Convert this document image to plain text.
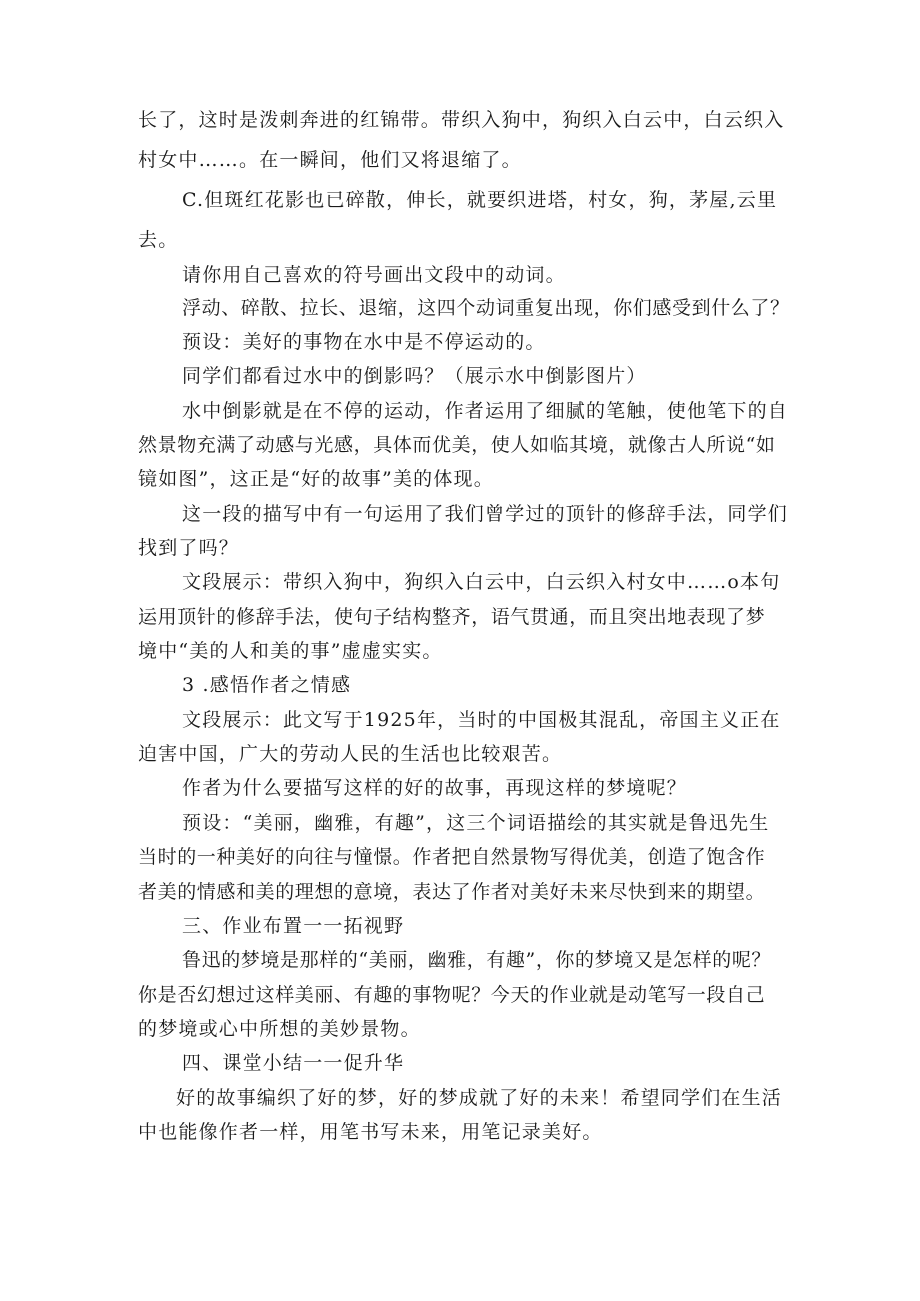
长了，这时是泼刺奔进的红锦带。带织入狗中，狗织入白云中，白云织入
村女中……。在一瞬间，他们又将退缩了。
C.但斑红花影也已碎散，伸长，就要织进塔，村女，狗，茅屋,云里
去。
请你用自己喜欢的符号画出文段中的动词。
浮动、碎散、拉长、退缩，这四个动词重复出现，你们感受到什么了？
预设：美好的事物在水中是不停运动的。
同学们都看过水中的倒影吗？（展示水中倒影图片）
水中倒影就是在不停的运动，作者运用了细腻的笔触，使他笔下的自
然景物充满了动感与光感，具体而优美，使人如临其境，就像古人所说“如
镜如图”，这正是“好的故事”美的体现。
这一段的描写中有一句运用了我们曾学过的顶针的修辞手法，同学们
找到了吗？
文段展示：带织入狗中，狗织入白云中，白云织入村女中……o本句
运用顶针的修辞手法，使句子结构整齐，语气贯通，而且突出地表现了梦
境中“美的人和美的事”虚虚实实。
3 .感悟作者之情感
文段展示：此文写于1925年，当时的中国极其混乱，帝国主义正在
迫害中国，广大的劳动人民的生活也比较艰苦。
作者为什么要描写这样的好的故事，再现这样的梦境呢？
预设：“美丽，幽雅，有趣”，这三个词语描绘的其实就是鲁迅先生
当时的一种美好的向往与憧憬。作者把自然景物写得优美，创造了饱含作
者美的情感和美的理想的意境，表达了作者对美好未来尽快到来的期望。
三、作业布置一一拓视野
鲁迅的梦境是那样的“美丽，幽雅，有趣”，你的梦境又是怎样的呢？
你是否幻想过这样美丽、有趣的事物呢？今天的作业就是动笔写一段自己
的梦境或心中所想的美妙景物。
四、课堂小结一一促升华
好的故事编织了好的梦，好的梦成就了好的未来！希望同学们在生活
中也能像作者一样，用笔书写未来，用笔记录美好。
